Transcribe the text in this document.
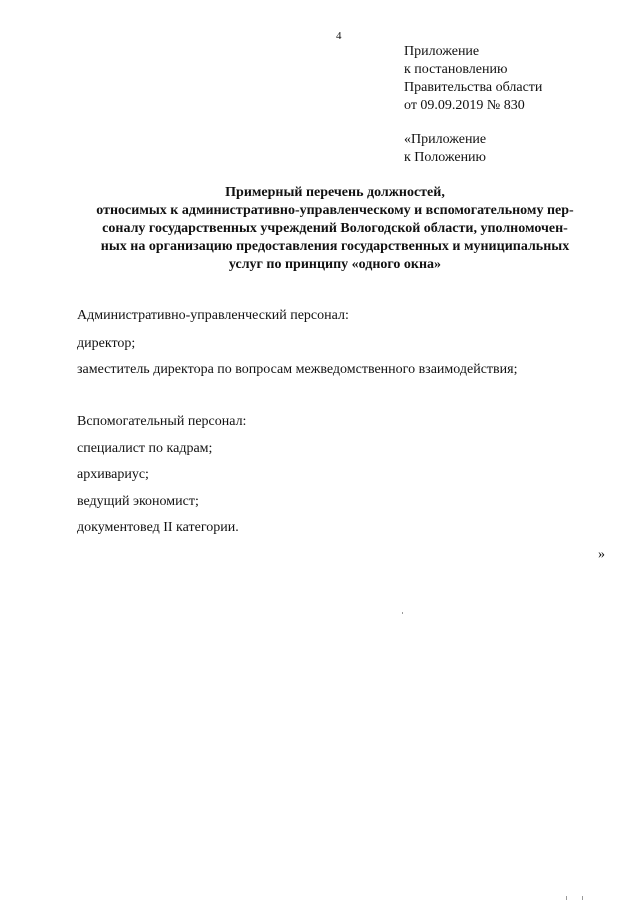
4
Приложение
к постановлению
Правительства области
от 09.09.2019 № 830
«Приложение
к Положению
Примерный перечень должностей,
относимых к административно-управленческому и вспомогательному пер-
соналу государственных учреждений Вологодской области, уполномочен-
ных на организацию предоставления государственных и муниципальных
услуг по принципу «одного окна»
Административно-управленческий персонал:
директор;
заместитель директора по вопросам межведомственного взаимодействия;
Вспомогательный персонал:
специалист по кадрам;
архивариус;
ведущий экономист;
документовед II категории.
»
